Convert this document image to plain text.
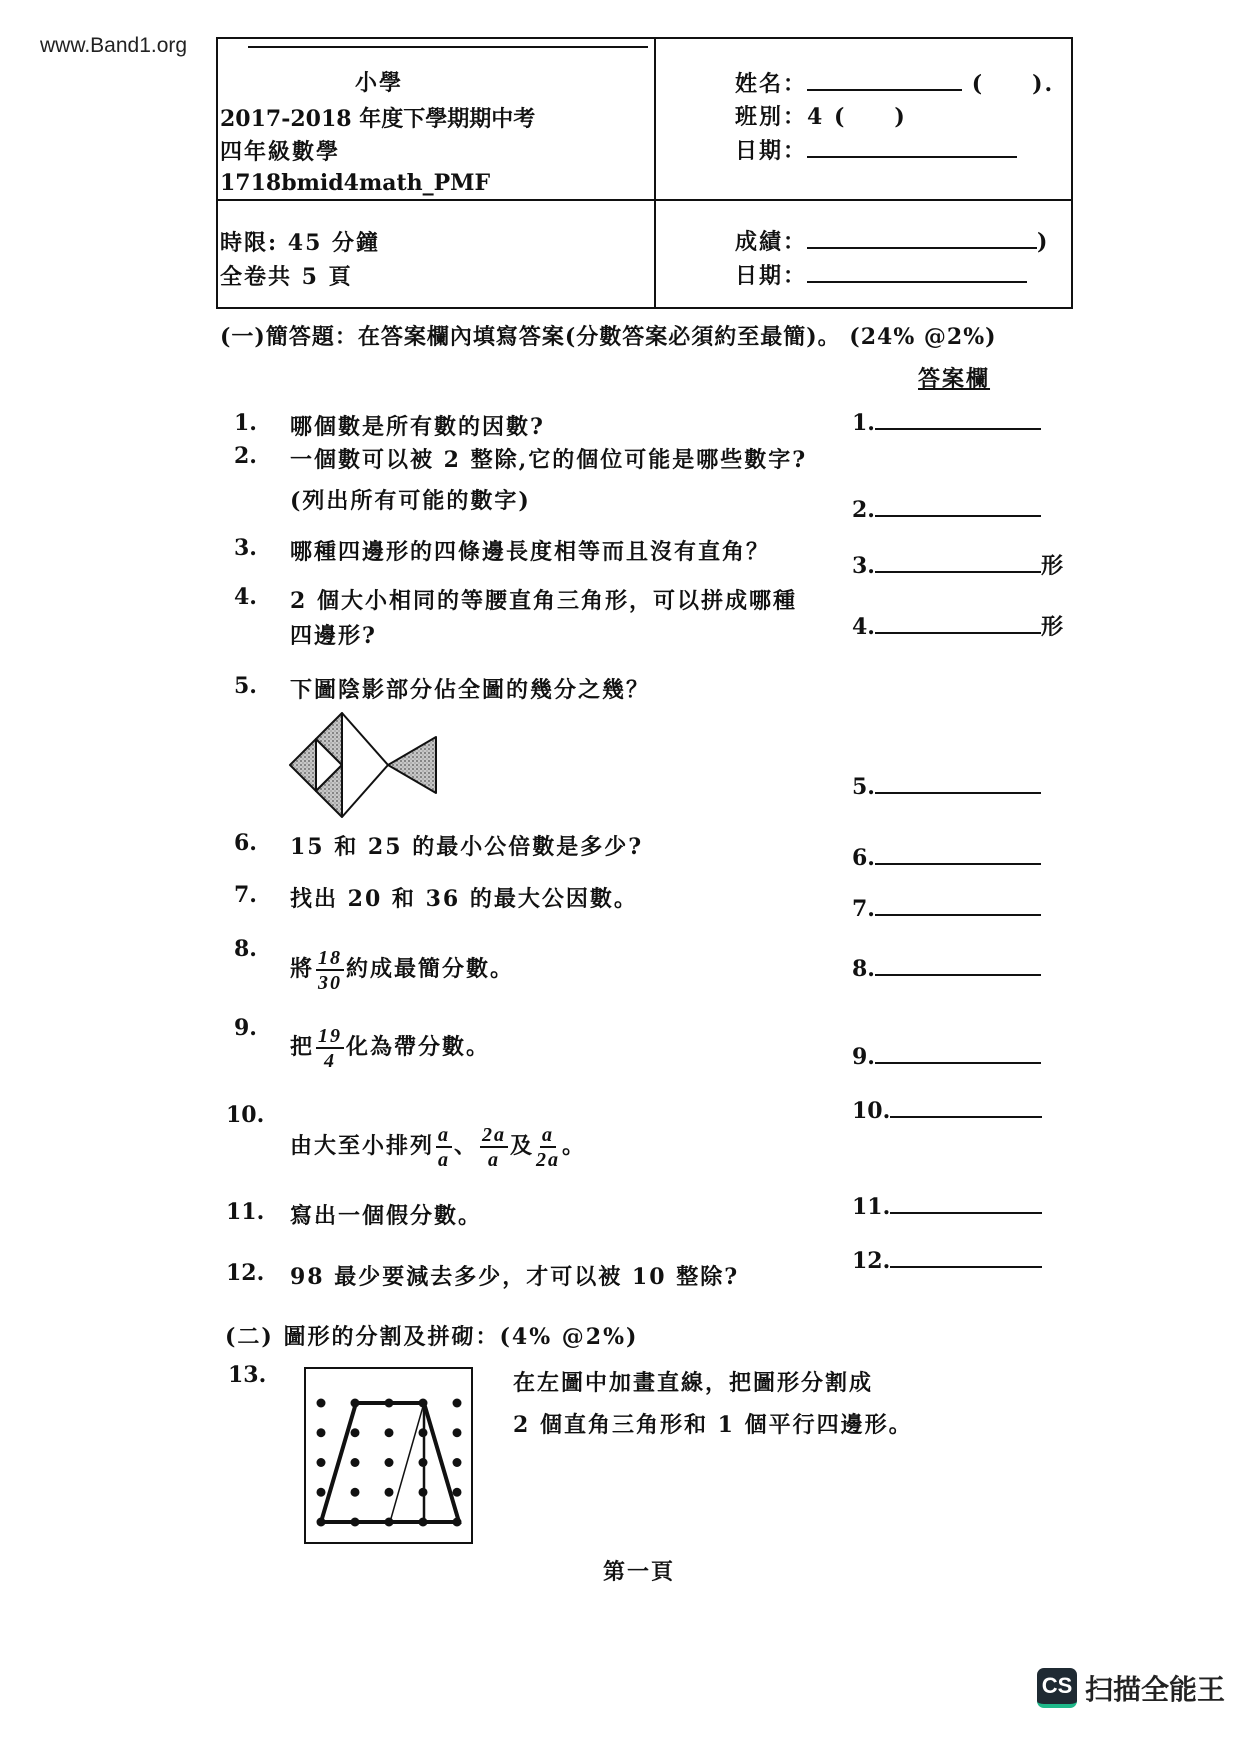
www.Band1.org
小學
2017-2018 年度下學期期中考
四年級數學
1718bmid4math_PMF
時限: 45 分鐘
全卷共 5 頁
姓名：	(　　).
班別：4 (　　)
日期：
成績：	)
日期：
(一)簡答題：在答案欄內填寫答案(分數答案必須約至最簡)。 (24% @2%)
答案欄
1. 哪個數是所有數的因數?
2. 一個數可以被 2 整除,它的個位可能是哪些數字?
(列出所有可能的數字)
3. 哪種四邊形的四條邊長度相等而且沒有直角？
4. 2 個大小相同的等腰直角三角形，可以拼成哪種
四邊形?
5. 下圖陰影部分佔全圖的幾分之幾？
6. 15 和 25 的最小公倍數是多少?
7. 找出 20 和 36 的最大公因數。
8.
將 $\frac{18}{30}$ 約成最簡分數。
9.
把 $\frac{19}{4}$ 化為帶分數。
10.
由大至小排列 $\frac{a}{a}$ 、 $\frac{2a}{a}$ 及 $\frac{a}{2a}$ 。
11. 寫出一個假分數。
12. 98 最少要減去多少，才可以被 10 整除?
1.
2.
3.	形
4.	形
5.
6.
7.
8.
9.
10.
11.
12.
(二) 圖形的分割及拼砌：(4% @2%)
13.	在左圖中加畫直線，把圖形分割成
2 個直角三角形和 1 個平行四邊形。
第一頁
CS 扫描全能王
